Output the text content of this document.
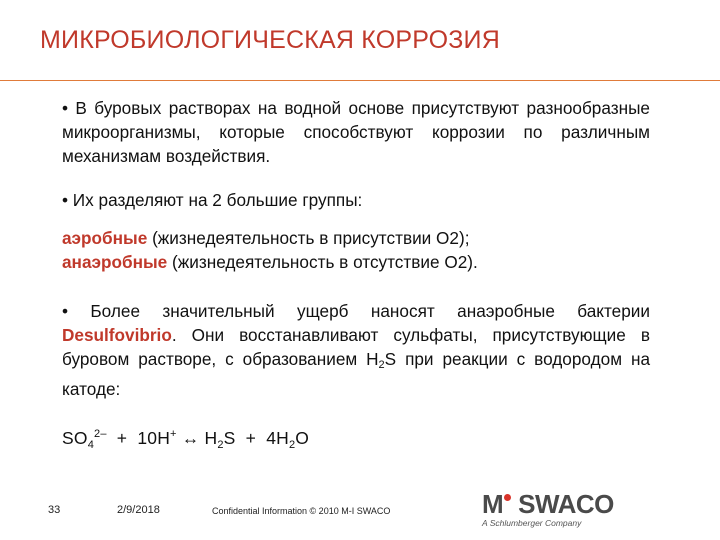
МИКРОБИОЛОГИЧЕСКАЯ КОРРОЗИЯ

• В буровых растворах на водной основе присутствуют разнообразные микроорганизмы, которые способствуют коррозии по различным механизмам воздействия.

• Их разделяют на 2 большие группы:

аэробные (жизнедеятельность в присутствии О2);

анаэробные (жизнедеятельность в отсутствие О2).

• Более значительный ущерб наносят анаэробные бактерии Desulfovibrio. Они восстанавливают сульфаты, присутствующие в буровом растворе, с образованием $H_2S$ при реакции с водородом на катоде:

$SO_4^{2-} + 10H^+$ ↔ $H_2S + 4H_2O$

33	2/9/2018	Confidential Information © 2010 M-I SWACO	M SWACO
A Schlumberger Company
